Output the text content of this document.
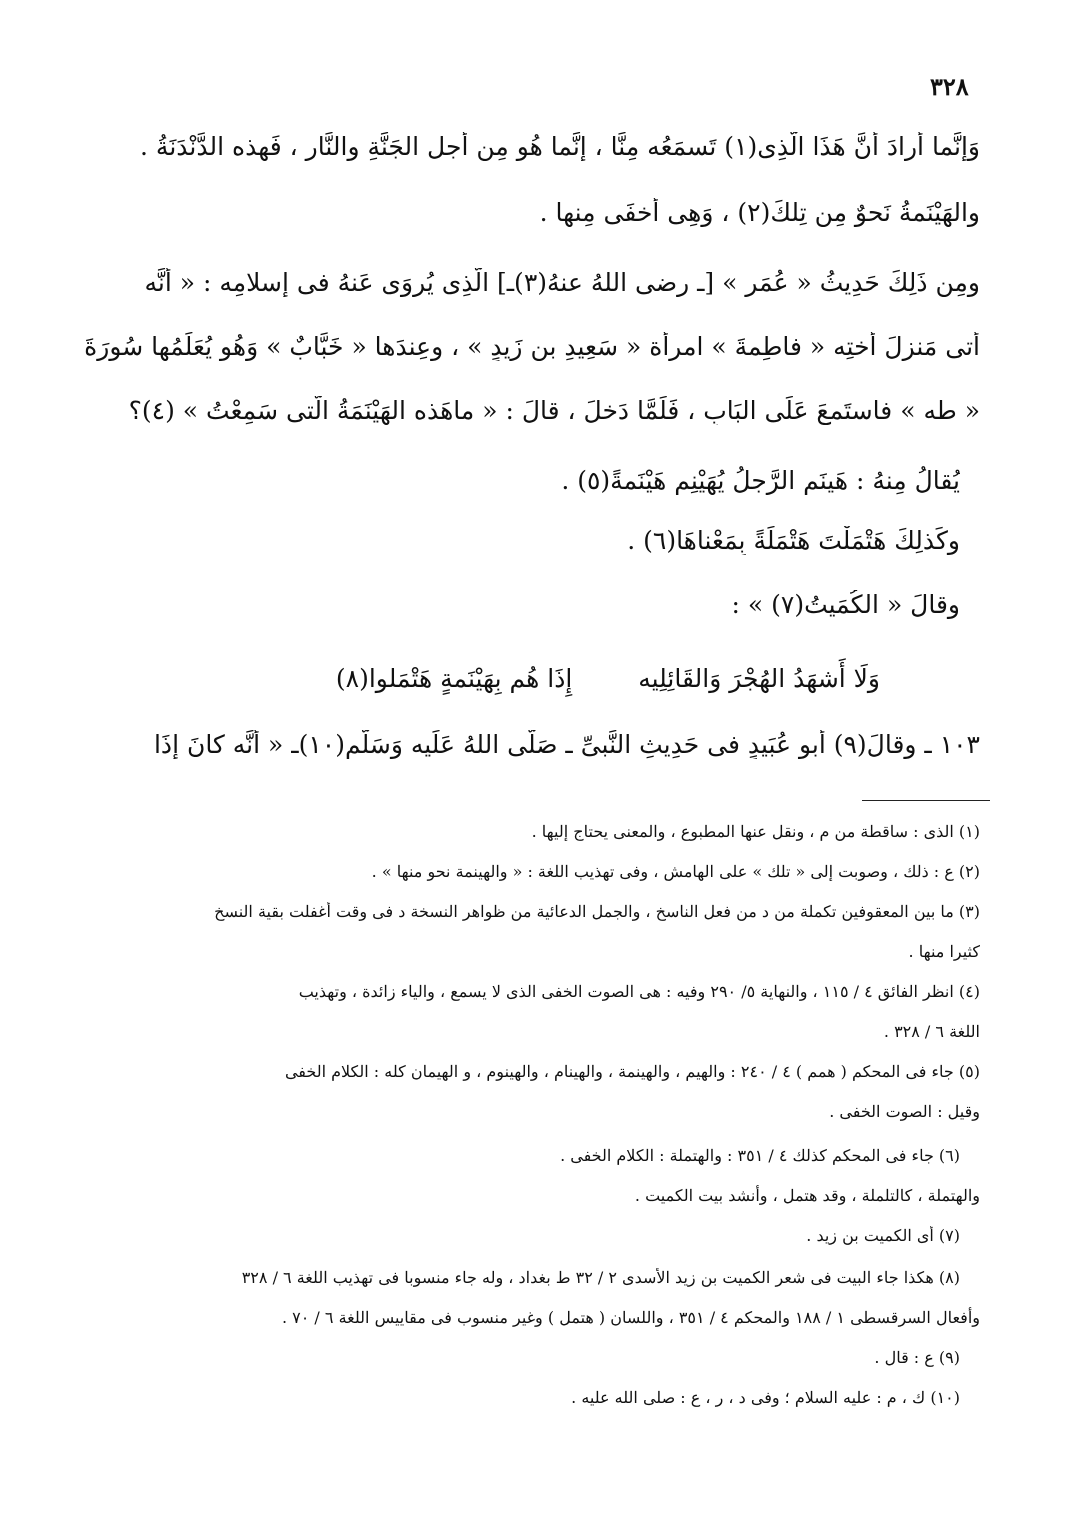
٣٢٨

وَإِنَّما أَرادَ أَنَّ هَذَا الَّذِى(١) تَسمَعُه مِنَّا ، إِنَّما هُو مِن أَجلِ الجَنَّةِ والنَّارِ ، فَهذه الدَّنْدَنَةُ .

والهَيْنَمةُ نَحوٌ مِن تِلكَ(٢) ، وَهِى أَخفَى مِنها .

ومِن ذَلِكَ حَدِيثُ « عُمَر » [ـ رضى اللهُ عنهُ(٣)ـ] الَّذِى يُروَى عَنهُ فى إسلامِه : « أَنَّه

أَتى مَنزِلَ أُختِه « فاطِمةَ » امرأَة « سَعِيدِ بنِ زَيدٍ » ، وعِندَها « خَبَّابٌ » وَهُو يُعَلِّمُها سُورَةَ

« طه » فاستَمعَ عَلَى البَابِ ، فَلَمَّا دَخلَ ، قالَ : « ماهَذه الهَيْنَمَةُ الَّتى سَمِعْتُ » (٤)؟

يُقالُ مِنهُ : هَينَم الرَّجلُ يُهَيْنِم هَيْنَمةً(٥) .

وكَذلِكَ هَتْمَلْتَ هَتْمَلَةً بِمَعْناهَا(٦) .

وقالَ « الكُمَيتُ(٧) » :

وَلَا أَشهَدُ الهُجْرَ وَالقَائِلِيه  إِذَا هُم بِهَيْنَمةٍ هَتْمَلوا(٨)

١٠٣ ـ وقالَ(٩) أَبو عُبَيدٍ فى حَدِيثِ النَّبىِّ ـ صَلَّى اللهُ عَلَيه وَسَلَّم(١٠)ـ « أَنَّه كانَ إِذَا

(١) الذى : ساقطة من م ، ونقل عنها المطبوع ، والمعنى يحتاج إليها .
(٢) ع : ذلك ، وصوبت إلى « تلك » على الهامش ، وفى تهذيب اللغة : « والهينمة نحو منها » .
(٣) ما بين المعقوفين تكملة من د من فعل الناسخ ، والجمل الدعائية من ظواهر النسخة د فى وقت أغفلت بقية النسخ
كثيرا منها .
(٤) انظر الفائق ٤ / ١١٥ ، والنهاية ٥/ ٢٩٠ وفيه : هى الصوت الخفى الذى لا يسمع ، والياء زائدة ، وتهذيب
اللغة ٦ / ٣٢٨ .
(٥) جاء فى المحكم ( همم ) ٤ / ٢٤٠ : والهيم ، والهينمة ، والهينام ، والهينوم ، و الهيمان كله : الكلام الخفى
وقيل : الصوت الخفى .
(٦) جاء فى المحكم كذلك ٤ / ٣٥١ : والهتملة : الكلام الخفى .
والهتملة ، كالتلملة ، وقد هتمل ، وأنشد بيت الكميت .
(٧) أى الكميت بن زيد .
(٨) هكذا جاء البيت فى شعر الكميت بن زيد الأسدى ٢ / ٣٢ ط بغداد ، وله جاء منسوبا فى تهذيب اللغة ٦ / ٣٢٨
وأفعال السرقسطى ١ / ١٨٨ والمحكم ٤ / ٣٥١ ، واللسان ( هتمل ) وغير منسوب فى مقاييس اللغة ٦ / ٧٠ .
(٩) ع : قال .
(١٠) ك ، م : عليه السلام ؛ وفى د ، ر ، ع : صلى الله عليه .
